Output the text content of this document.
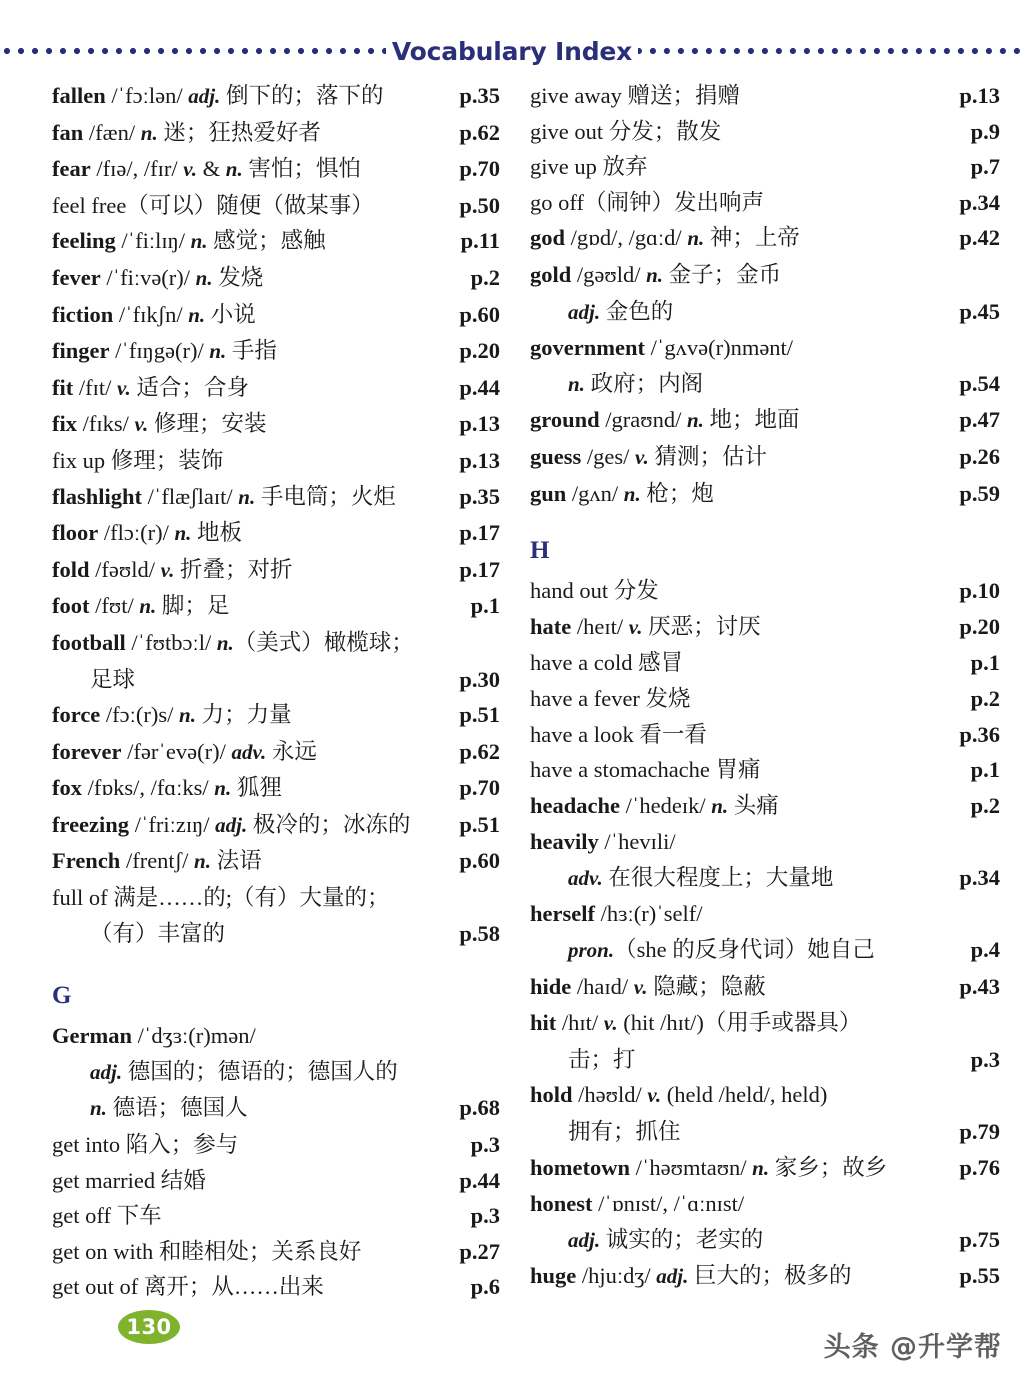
Vocabulary Index
fallen /ˈfɔːlən/ adj. 倒下的；落下的	p.35
fan /fæn/ n. 迷；狂热爱好者	p.62
fear /fɪə/, /fɪr/ v. & n. 害怕；惧怕	p.70
feel free（可以）随便（做某事）	p.50
feeling /ˈfiːlɪŋ/ n. 感觉；感触	p.11
fever /ˈfiːvə(r)/ n. 发烧	p.2
fiction /ˈfɪkʃn/ n. 小说	p.60
finger /ˈfɪŋgə(r)/ n. 手指	p.20
fit /fɪt/ v. 适合；合身	p.44
fix /fɪks/ v. 修理；安装	p.13
fix up 修理；装饰	p.13
flashlight /ˈflæʃlaɪt/ n. 手电筒；火炬	p.35
floor /flɔː(r)/ n. 地板	p.17
fold /fəʊld/ v. 折叠；对折	p.17
foot /fʊt/ n. 脚；足	p.1
football /ˈfʊtbɔːl/ n.（美式）橄榄球；
足球	p.30
force /fɔː(r)s/ n. 力；力量	p.51
forever /fərˈevə(r)/ adv. 永远	p.62
fox /fɒks/, /fɑːks/ n. 狐狸	p.70
freezing /ˈfriːzɪŋ/ adj. 极冷的；冰冻的	p.51
French /frentʃ/ n. 法语	p.60
full of 满是……的;（有）大量的；
（有）丰富的	p.58
G
German /ˈdʒɜː(r)mən/
adj. 德国的；德语的；德国人的
n. 德语；德国人	p.68
get into 陷入；参与	p.3
get married 结婚	p.44
get off 下车	p.3
get on with 和睦相处；关系良好	p.27
get out of 离开；从……出来	p.6
give away 赠送；捐赠	p.13
give out 分发；散发	p.9
give up 放弃	p.7
go off（闹钟）发出响声	p.34
god /gɒd/, /gɑːd/ n. 神；上帝	p.42
gold /gəʊld/ n. 金子；金币
adj. 金色的	p.45
government /ˈgʌvə(r)nmənt/
n. 政府；内阁	p.54
ground /graʊnd/ n. 地；地面	p.47
guess /ges/ v. 猜测；估计	p.26
gun /gʌn/ n. 枪；炮	p.59
H
hand out 分发	p.10
hate /heɪt/ v. 厌恶；讨厌	p.20
have a cold 感冒	p.1
have a fever 发烧	p.2
have a look 看一看	p.36
have a stomachache 胃痛	p.1
headache /ˈhedeɪk/ n. 头痛	p.2
heavily /ˈhevɪli/
adv. 在很大程度上；大量地	p.34
herself /hɜː(r)ˈself/
pron.（she 的反身代词）她自己	p.4
hide /haɪd/ v. 隐藏；隐蔽	p.43
hit /hɪt/ v. (hit /hɪt/)（用手或器具）
击；打	p.3
hold /həʊld/ v. (held /held/, held)
拥有；抓住	p.79
hometown /ˈhəʊmtaʊn/ n. 家乡；故乡	p.76
honest /ˈɒnɪst/, /ˈɑːnɪst/
adj. 诚实的；老实的	p.75
huge /hjuːdʒ/ adj. 巨大的；极多的	p.55
130
头条 @升学帮
